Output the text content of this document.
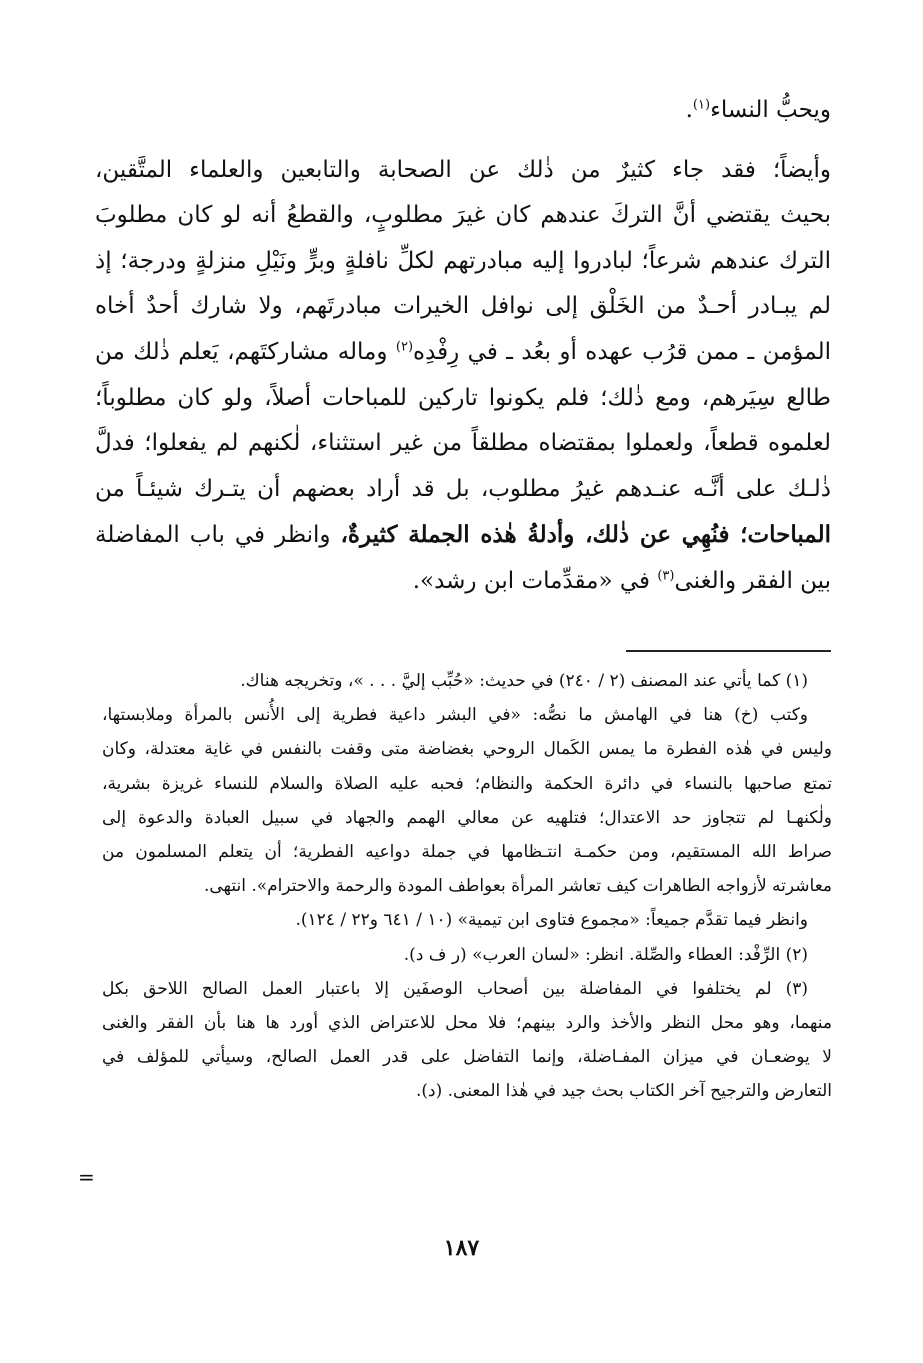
ويحبُّ النساء$^{(١)}$.
وأيضاً؛ فقد جاء كثيرٌ من ذٰلك عن الصحابة والتابعين والعلماء المتَّقين،
بحيث يقتضي أنَّ التركَ عندهم كان غيرَ مطلوبٍ، والقطعُ أنه لو كان مطلوبَ
الترك عندهم شرعاً؛ لبادروا إليه مبادرتهم لكلِّ نافلةٍ وبرٍّ ونَيْلِ منزلةٍ ودرجة؛ إذ
لم يبـادر أحـدٌ من الخَلْق إلى نوافل الخيرات مبادرتَهم، ولا شارك أحدٌ أخاه
المؤمن ـ ممن قرُب عهده أو بعُد ـ في رِفْدِه$^{(٢)}$ وماله مشاركتَهم، يَعلم ذٰلك من
طالع سِيَرهم، ومع ذٰلك؛ فلم يكونوا تاركين للمباحات أصلاً، ولو كان مطلوباً؛
لعلموه قطعاً، ولعملوا بمقتضاه مطلقاً من غير استثناء، لٰكنهم لم يفعلوا؛ فدلَّ
ذٰلـك على أنَّـه عنـدهم غيرُ مطلوب، بل قد أراد بعضهم أن يتـرك شيئـاً من
المباحات؛ فنُهِي عن ذٰلك، وأدلةُ هٰذه الجملة كثيرةٌ، وانظر في باب المفاضلة
بين الفقر والغنى$^{(٣)}$ في «مقدِّمات ابن رشد».
(١) كما يأتي عند المصنف (٢ / ٢٤٠) في حديث: «حُبِّب إليَّ . . . »، وتخريجه هناك.
وكتب (خ) هنا في الهامش ما نصُّه: «في البشر داعية فطرية إلى الأُنس بالمرأة وملابستها،
وليس في هٰذه الفطرة ما يمس الكَمال الروحي بغضاضة متى وقفت بالنفس في غاية معتدلة، وكان
تمتع صاحبها بالنساء في دائرة الحكمة والنظام؛ فحبه عليه الصلاة والسلام للنساء غريزة بشرية،
ولٰكنهـا لم تتجاوز حد الاعتدال؛ فتلهيه عن معالي الهمم والجهاد في سبيل العبادة والدعوة إلى
صراط الله المستقيم، ومن حكمـة انتـظامها في جملة دواعيه الفطرية؛ أن يتعلم المسلمون من
معاشرته لأزواجه الطاهرات كيف تعاشر المرأة بعواطف المودة والرحمة والاحترام». انتهى.
وانظر فيما تقدَّم جميعاً: «مجموع فتاوى ابن تيمية» (١٠ / ٦٤١ و٢٢ / ١٢٤).
(٢) الرِّفْد: العطاء والصِّلة. انظر: «لسان العرب» (ر ف د).
(٣) لم يختلفوا في المفاضلة بين أصحاب الوصفَين إلا باعتبار العمل الصالح اللاحق بكل
منهما، وهو محل النظر والأخذ والرد بينهم؛ فلا محل للاعتراض الذي أورد ها هنا بأن الفقر والغنى
لا يوضعـان في ميزان المفـاضلة، وإنما التفاضل على قدر العمل الصالح، وسيأتي للمؤلف في
التعارض والترجيح آخر الكتاب بحث جيد في هٰذا المعنى. (د).
=
١٨٧
